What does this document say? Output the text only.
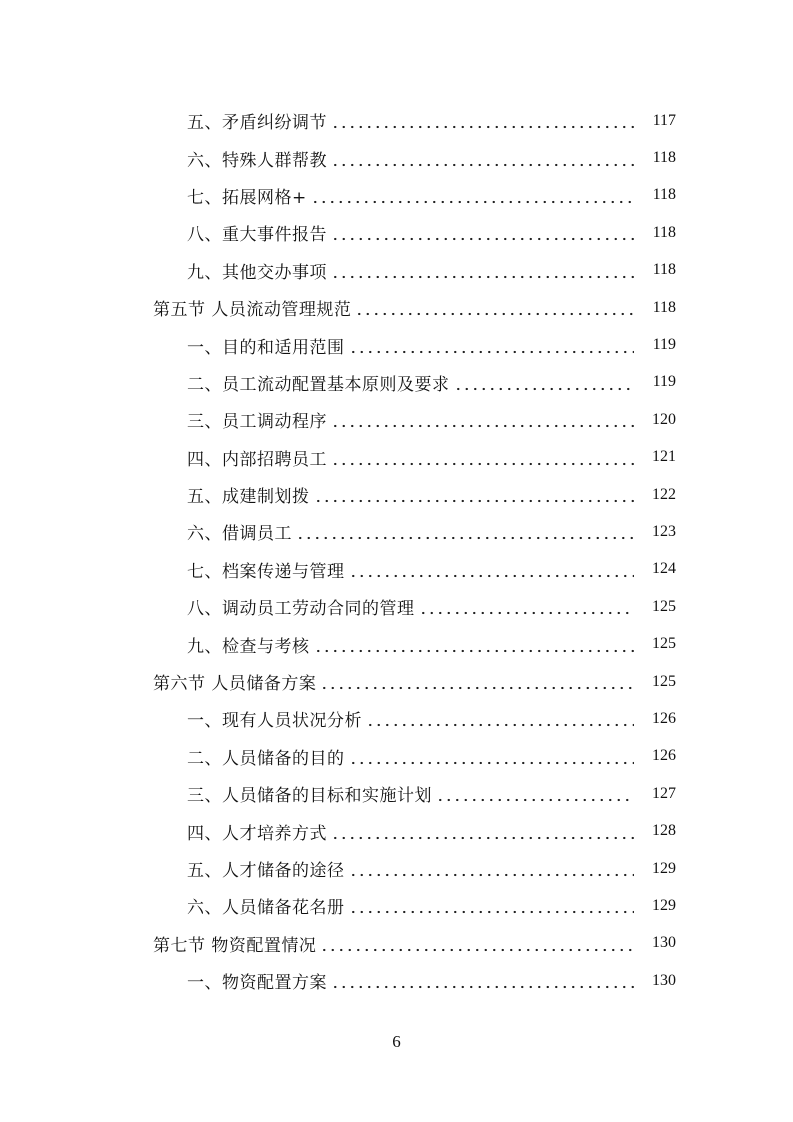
五、矛盾纠纷调节	117
六、特殊人群帮教	118
七、拓展网格+	118
八、重大事件报告	118
九、其他交办事项	118
第五节 人员流动管理规范	118
一、目的和适用范围	119
二、员工流动配置基本原则及要求	119
三、员工调动程序	120
四、内部招聘员工	121
五、成建制划拨	122
六、借调员工	123
七、档案传递与管理	124
八、调动员工劳动合同的管理	125
九、检查与考核	125
第六节 人员储备方案	125
一、现有人员状况分析	126
二、人员储备的目的	126
三、人员储备的目标和实施计划	127
四、人才培养方式	128
五、人才储备的途径	129
六、人员储备花名册	129
第七节 物资配置情况	130
一、物资配置方案	130
6
